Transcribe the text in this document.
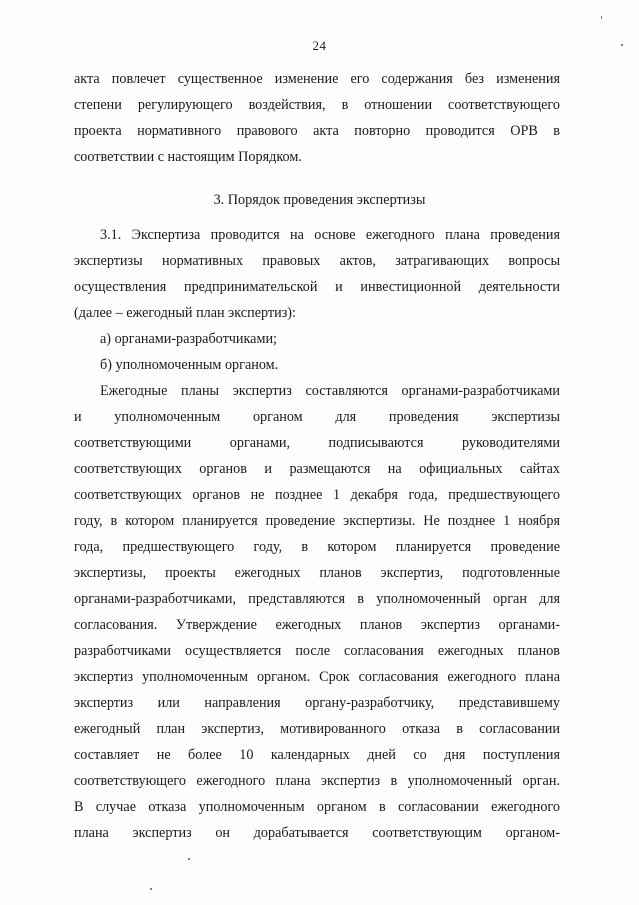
24
акта повлечет существенное изменение его содержания без изменения
степени регулирующего воздействия, в отношении соответствующего
проекта нормативного правового акта повторно проводится ОРВ в
соответствии с настоящим Порядком.
3. Порядок проведения экспертизы
3.1. Экспертиза проводится на основе ежегодного плана проведения
экспертизы нормативных правовых актов, затрагивающих вопросы
осуществления предпринимательской и инвестиционной деятельности
(далее – ежегодный план экспертиз):
а) органами-разработчиками;
б) уполномоченным органом.
Ежегодные планы экспертиз составляются органами-разработчиками
и уполномоченным органом для проведения экспертизы
соответствующими органами, подписываются руководителями
соответствующих органов и размещаются на официальных сайтах
соответствующих органов не позднее 1 декабря года, предшествующего
году, в котором планируется проведение экспертизы. Не позднее 1 ноября
года, предшествующего году, в котором планируется проведение
экспертизы, проекты ежегодных планов экспертиз, подготовленные
органами-разработчиками, представляются в уполномоченный орган для
согласования. Утверждение ежегодных планов экспертиз органами-
разработчиками осуществляется после согласования ежегодных планов
экспертиз уполномоченным органом. Срок согласования ежегодного плана
экспертиз или направления органу-разработчику, представившему
ежегодный план экспертиз, мотивированного отказа в согласовании
составляет не более 10 календарных дней со дня поступления
соответствующего ежегодного плана экспертиз в уполномоченный орган.
В случае отказа уполномоченным органом в согласовании ежегодного
плана экспертиз он дорабатывается соответствующим органом-
